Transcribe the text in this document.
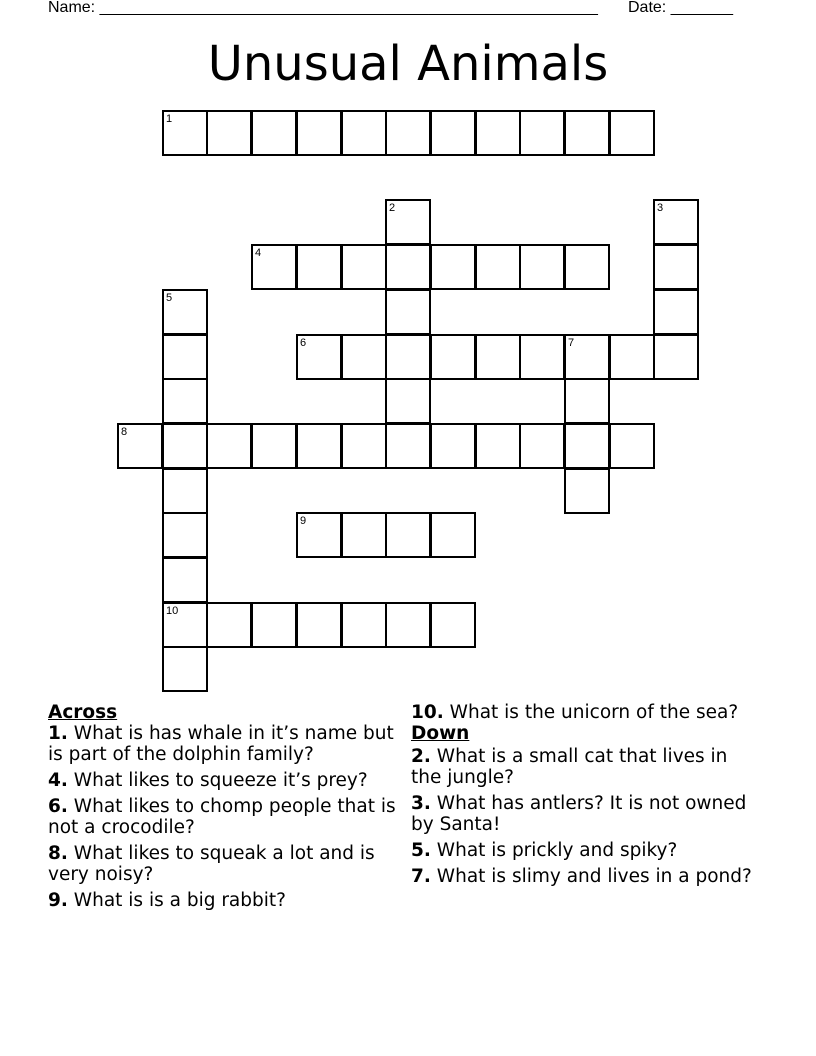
Name: ________________________________________________________

Date: _______

Unusual Animals
1
2	3
4
5
10
6	7
8
9

Across

1. What is has whale in it’s name but is part of the dolphin family?

4. What likes to squeeze it’s prey?

6. What likes to chomp people that is not a crocodile?

8. What likes to squeak a lot and is very noisy?

9. What is is a big rabbit?

10. What is the unicorn of the sea?

Down

2. What is a small cat that lives in the jungle?

3. What has antlers? It is not owned by Santa!

5. What is prickly and spiky?

7. What is slimy and lives in a pond?
